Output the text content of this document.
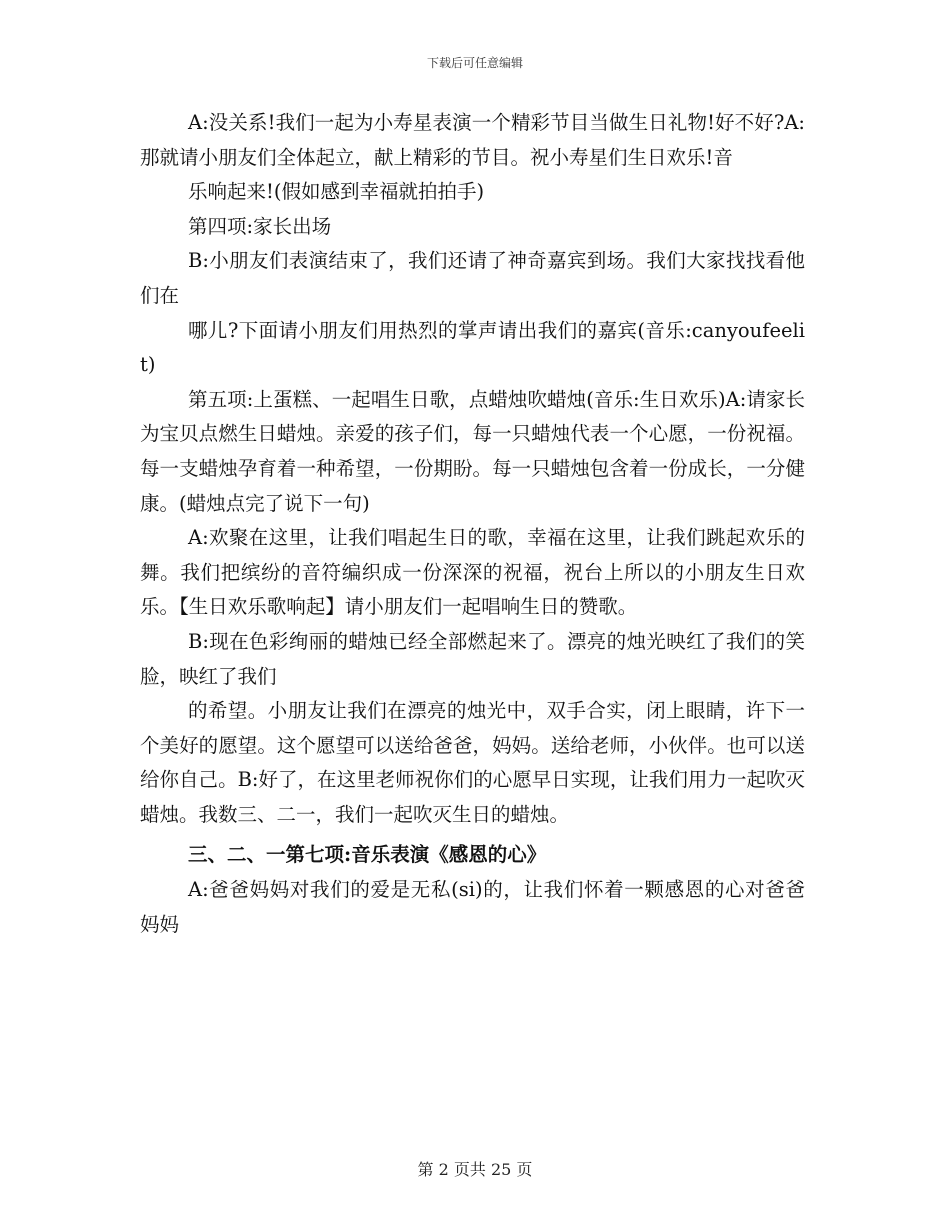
下载后可任意编辑

A:没关系!我们一起为小寿星表演一个精彩节目当做生日礼物!好不好?A:那就请小朋友们全体起立，献上精彩的节目。祝小寿星们生日欢乐!音

乐响起来!(假如感到幸福就拍拍手)

第四项:家长出场

B:小朋友们表演结束了，我们还请了神奇嘉宾到场。我们大家找找看他们在

哪儿?下面请小朋友们用热烈的掌声请出我们的嘉宾(音乐:canyoufeelit)

第五项:上蛋糕、一起唱生日歌，点蜡烛吹蜡烛(音乐:生日欢乐)A:请家长为宝贝点燃生日蜡烛。亲爱的孩子们，每一只蜡烛代表一个心愿，一份祝福。每一支蜡烛孕育着一种希望，一份期盼。每一只蜡烛包含着一份成长，一分健康。(蜡烛点完了说下一句)

A:欢聚在这里，让我们唱起生日的歌，幸福在这里，让我们跳起欢乐的舞。我们把缤纷的音符编织成一份深深的祝福，祝台上所以的小朋友生日欢乐。【生日欢乐歌响起】请小朋友们一起唱响生日的赞歌。

B:现在色彩绚丽的蜡烛已经全部燃起来了。漂亮的烛光映红了我们的笑脸，映红了我们

的希望。小朋友让我们在漂亮的烛光中，双手合实，闭上眼睛，许下一个美好的愿望。这个愿望可以送给爸爸，妈妈。送给老师，小伙伴。也可以送给你自己。B:好了，在这里老师祝你们的心愿早日实现，让我们用力一起吹灭蜡烛。我数三、二一，我们一起吹灭生日的蜡烛。

三、二、一第七项:音乐表演《感恩的心》

A:爸爸妈妈对我们的爱是无私(si)的，让我们怀着一颗感恩的心对爸爸妈妈

第 2 页共 25 页
